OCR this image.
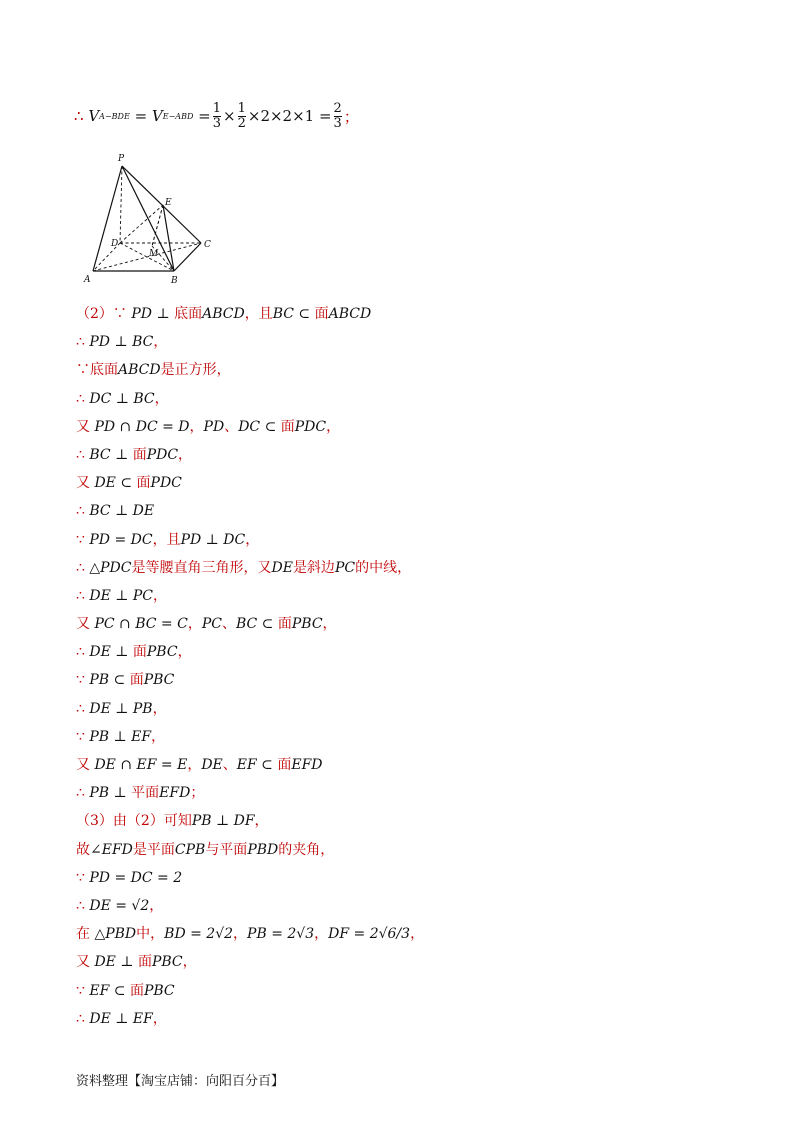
∴
V A−BDE
= V E−ABD
= $\frac{1}{3} \times \frac{1}{2} \times 2\times 2\times 1 = \frac{2}{3}$ ；
P
E
D
M
C
A	B
（2）∵ PD ⊥ 底面ABCD，且BC ⊂ 面ABCD
∴ PD ⊥ BC，
∵底面ABCD是正方形，
∴ DC ⊥ BC，
又 PD ∩ DC = D，PD、DC ⊂ 面PDC，
∴ BC ⊥ 面PDC，
又 DE ⊂ 面PDC
∴ BC ⊥ DE
∵ PD = DC，且PD ⊥ DC，
∴ △PDC是等腰直角三角形，又DE是斜边PC的中线，
∴ DE ⊥ PC，
又 PC ∩ BC = C，PC、BC ⊂ 面PBC，
∴ DE ⊥ 面PBC，
∵ PB ⊂ 面PBC
∴ DE ⊥ PB，
∵ PB ⊥ EF，
又 DE ∩ EF = E，DE、EF ⊂ 面EFD
∴ PB ⊥ 平面EFD；
（3）由（2）可知PB ⊥ DF，
故∠EFD是平面CPB与平面PBD的夹角，
∵ PD = DC = 2
∴ DE = √2，
在 △PBD中，BD = 2√2，PB = 2√3，DF = 2√6/3，
又 DE ⊥ 面PBC，
∵ EF ⊂ 面PBC
∴ DE ⊥ EF，
资料整理【淘宝店铺：向阳百分百】
